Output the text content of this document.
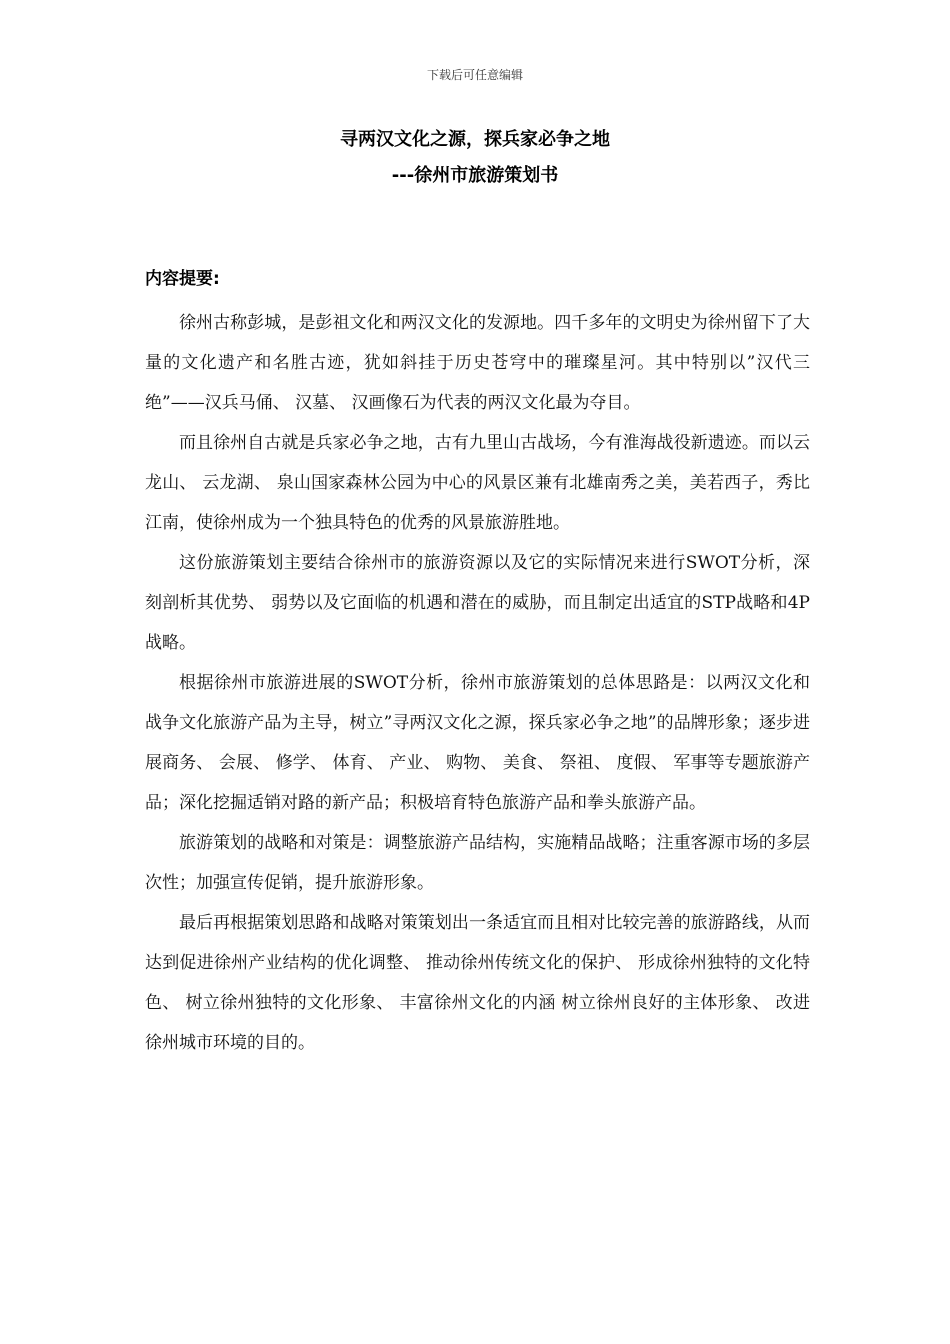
下载后可任意编辑
寻两汉文化之源，探兵家必争之地
---徐州市旅游策划书
内容提要:

徐州古称彭城，是彭祖文化和两汉文化的发源地。四千多年的文明史为徐州留下了大量的文化遗产和名胜古迹，犹如斜挂于历史苍穹中的璀璨星河。其中特别以”汉代三绝”——汉兵马俑、 汉墓、 汉画像石为代表的两汉文化最为夺目。

而且徐州自古就是兵家必争之地，古有九里山古战场，今有淮海战役新遗迹。而以云龙山、 云龙湖、 泉山国家森林公园为中心的风景区兼有北雄南秀之美，美若西子，秀比江南，使徐州成为一个独具特色的优秀的风景旅游胜地。

这份旅游策划主要结合徐州市的旅游资源以及它的实际情况来进行SWOT分析，深刻剖析其优势、 弱势以及它面临的机遇和潜在的威胁，而且制定出适宜的STP战略和4P战略。

根据徐州市旅游进展的SWOT分析，徐州市旅游策划的总体思路是：以两汉文化和战争文化旅游产品为主导，树立”寻两汉文化之源，探兵家必争之地”的品牌形象；逐步进展商务、 会展、 修学、 体育、 产业、 购物、 美食、 祭祖、 度假、 军事等专题旅游产品；深化挖掘适销对路的新产品；积极培育特色旅游产品和拳头旅游产品。

旅游策划的战略和对策是：调整旅游产品结构，实施精品战略；注重客源市场的多层次性；加强宣传促销，提升旅游形象。

最后再根据策划思路和战略对策策划出一条适宜而且相对比较完善的旅游路线，从而达到促进徐州产业结构的优化调整、 推动徐州传统文化的保护、 形成徐州独特的文化特色、 树立徐州独特的文化形象、 丰富徐州文化的内涵 树立徐州良好的主体形象、 改进徐州城市环境的目的。
